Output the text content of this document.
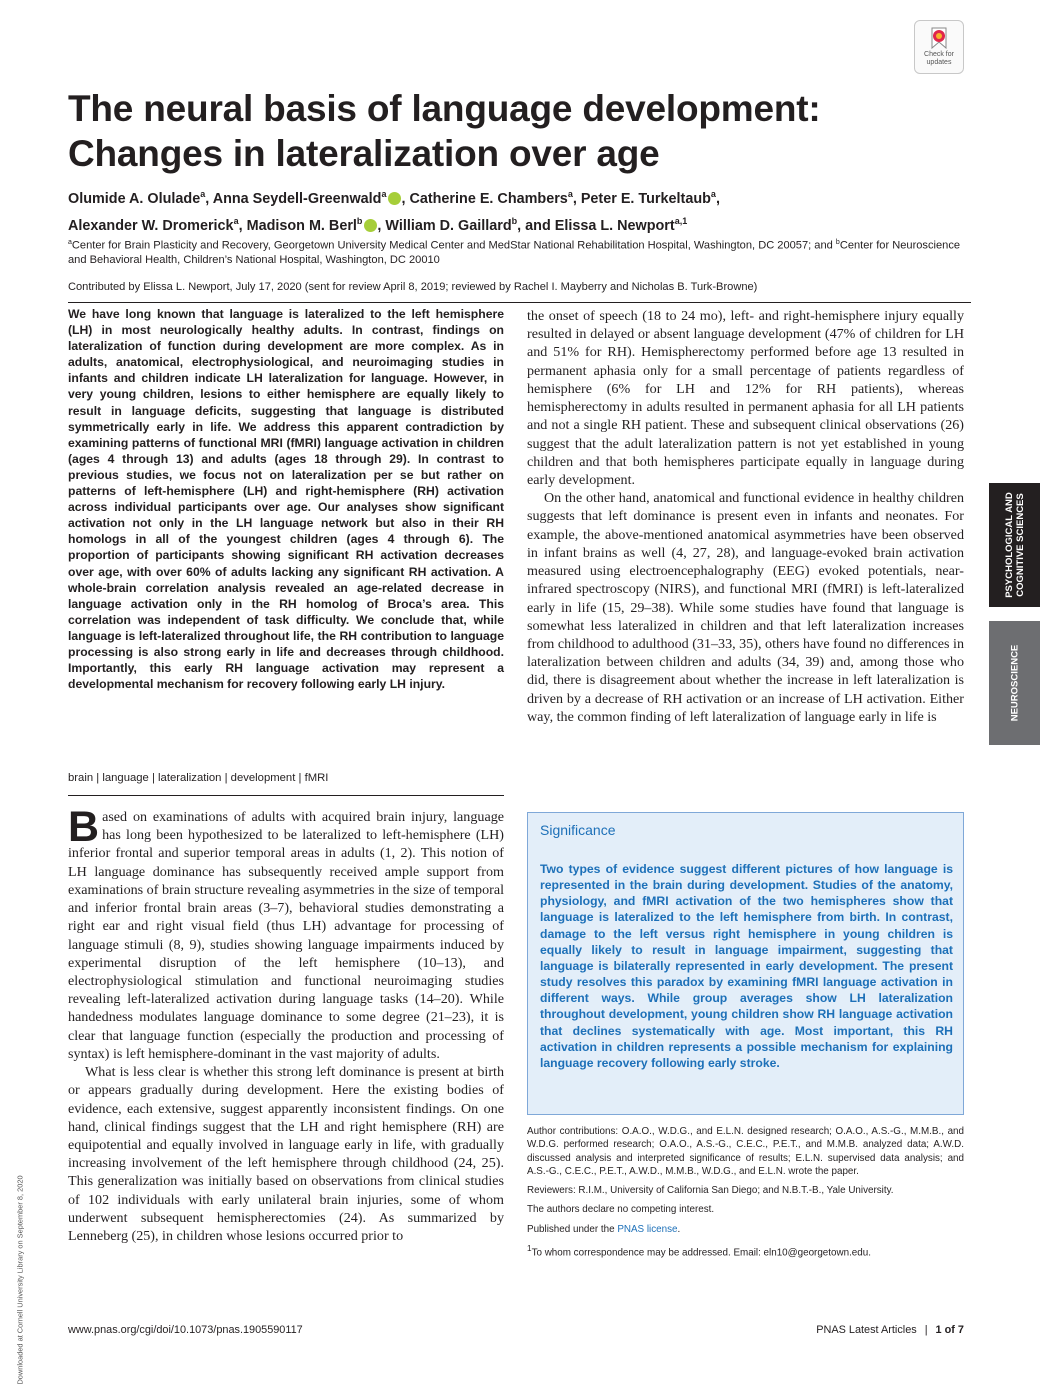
Check for updates
The neural basis of language development: Changes in lateralization over age

Olumide A. Olulade$^a$, Anna Seydell-Greenwald$^a$ , Catherine E. Chambers$^a$, Peter E. Turkeltaub$^a$,
Alexander W. Dromerick$^a$, Madison M. Berl$^b$ , William D. Gaillard$^b$, and Elissa L. Newport$^{a,1}$

$^a$Center for Brain Plasticity and Recovery, Georgetown University Medical Center and MedStar National Rehabilitation Hospital, Washington, DC 20057; and $^b$Center for Neuroscience and Behavioral Health, Children’s National Hospital, Washington, DC 20010

Contributed by Elissa L. Newport, July 17, 2020 (sent for review April 8, 2019; reviewed by Rachel I. Mayberry and Nicholas B. Turk-Browne)

We have long known that language is lateralized to the left hemisphere (LH) in most neurologically healthy adults. In contrast, findings on lateralization of function during development are more complex. As in adults, anatomical, electrophysiological, and neuroimaging studies in infants and children indicate LH lateralization for language. However, in very young children, lesions to either hemisphere are equally likely to result in language deficits, suggesting that language is distributed symmetrically early in life. We address this apparent contradiction by examining patterns of functional MRI (fMRI) language activation in children (ages 4 through 13) and adults (ages 18 through 29). In contrast to previous studies, we focus not on lateralization per se but rather on patterns of left-hemisphere (LH) and right-hemisphere (RH) activation across individual participants over age. Our analyses show significant activation not only in the LH language network but also in their RH homologs in all of the youngest children (ages 4 through 6). The proportion of participants showing significant RH activation decreases over age, with over 60% of adults lacking any significant RH activation. A whole-brain correlation analysis revealed an age-related decrease in language activation only in the RH homolog of Broca’s area. This correlation was independent of task difficulty. We conclude that, while language is left-lateralized throughout life, the RH contribution to language processing is also strong early in life and decreases through childhood. Importantly, this early RH language activation may represent a developmental mechanism for recovery following early LH injury.

brain | language | lateralization | development | fMRI

Based on examinations of adults with acquired brain injury, language has long been hypothesized to be lateralized to left-hemisphere (LH) inferior frontal and superior temporal areas in adults (1, 2). This notion of LH language dominance has subsequently received ample support from examinations of brain structure revealing asymmetries in the size of temporal and inferior frontal brain areas (3–7), behavioral studies demonstrating a right ear and right visual field (thus LH) advantage for processing of language stimuli (8, 9), studies showing language impairments induced by experimental disruption of the left hemisphere (10–13), and electrophysiological stimulation and functional neuroimaging studies revealing left-lateralized activation during language tasks (14–20). While handedness modulates language dominance to some degree (21–23), it is clear that language function (especially the production and processing of syntax) is left hemisphere-dominant in the vast majority of adults.

What is less clear is whether this strong left dominance is present at birth or appears gradually during development. Here the existing bodies of evidence, each extensive, suggest apparently inconsistent findings. On one hand, clinical findings suggest that the LH and right hemisphere (RH) are equipotential and equally involved in language early in life, with gradually increasing involvement of the left hemisphere through childhood (24, 25). This generalization was initially based on observations from clinical studies of 102 individuals with early unilateral brain injuries, some of whom underwent subsequent hemispherectomies (24). As summarized by Lenneberg (25), in children whose lesions occurred prior to

the onset of speech (18 to 24 mo), left- and right-hemisphere injury equally resulted in delayed or absent language development (47% of children for LH and 51% for RH). Hemispherectomy performed before age 13 resulted in permanent aphasia only for a small percentage of patients regardless of hemisphere (6% for LH and 12% for RH patients), whereas hemispherectomy in adults resulted in permanent aphasia for all LH patients and not a single RH patient. These and subsequent clinical observations (26) suggest that the adult lateralization pattern is not yet established in young children and that both hemispheres participate equally in language during early development.

On the other hand, anatomical and functional evidence in healthy children suggests that left dominance is present even in infants and neonates. For example, the above-mentioned anatomical asymmetries have been observed in infant brains as well (4, 27, 28), and language-evoked brain activation measured using electroencephalography (EEG) evoked potentials, near-infrared spectroscopy (NIRS), and functional MRI (fMRI) is left-lateralized early in life (15, 29–38). While some studies have found that language is somewhat less lateralized in children and that left lateralization increases from childhood to adulthood (31–33, 35), others have found no differences in lateralization between children and adults (34, 39) and, among those who did, there is disagreement about whether the increase in left lateralization is driven by a decrease of RH activation or an increase of LH activation. Either way, the common finding of left lateralization of language early in life is

Significance

Two types of evidence suggest different pictures of how language is represented in the brain during development. Studies of the anatomy, physiology, and fMRI activation of the two hemispheres show that language is lateralized to the left hemisphere from birth. In contrast, damage to the left versus right hemisphere in young children is equally likely to result in language impairment, suggesting that language is bilaterally represented in early development. The present study resolves this paradox by examining fMRI language activation in different ways. While group averages show LH lateralization throughout development, young children show RH language activation that declines systematically with age. Most important, this RH activation in children represents a possible mechanism for explaining language recovery following early stroke.

Author contributions: O.A.O., W.D.G., and E.L.N. designed research; O.A.O., A.S.-G., M.M.B., and W.D.G. performed research; O.A.O., A.S.-G., C.E.C., P.E.T., and M.M.B. analyzed data; A.W.D. discussed analysis and interpreted significance of results; E.L.N. supervised data analysis; and A.S.-G., C.E.C., P.E.T., A.W.D., M.M.B., W.D.G., and E.L.N. wrote the paper.

Reviewers: R.I.M., University of California San Diego; and N.B.T.-B., Yale University.

The authors declare no competing interest.

Published under the PNAS license.

$^1$To whom correspondence may be addressed. Email: eln10@georgetown.edu.

PSYCHOLOGICAL AND
COGNITIVE SCIENCES
NEUROSCIENCE
Downloaded at Cornell University Library on September 8, 2020	www.pnas.org/cgi/doi/10.1073/pnas.1905590117	PNAS Latest Articles | 1 of 7
